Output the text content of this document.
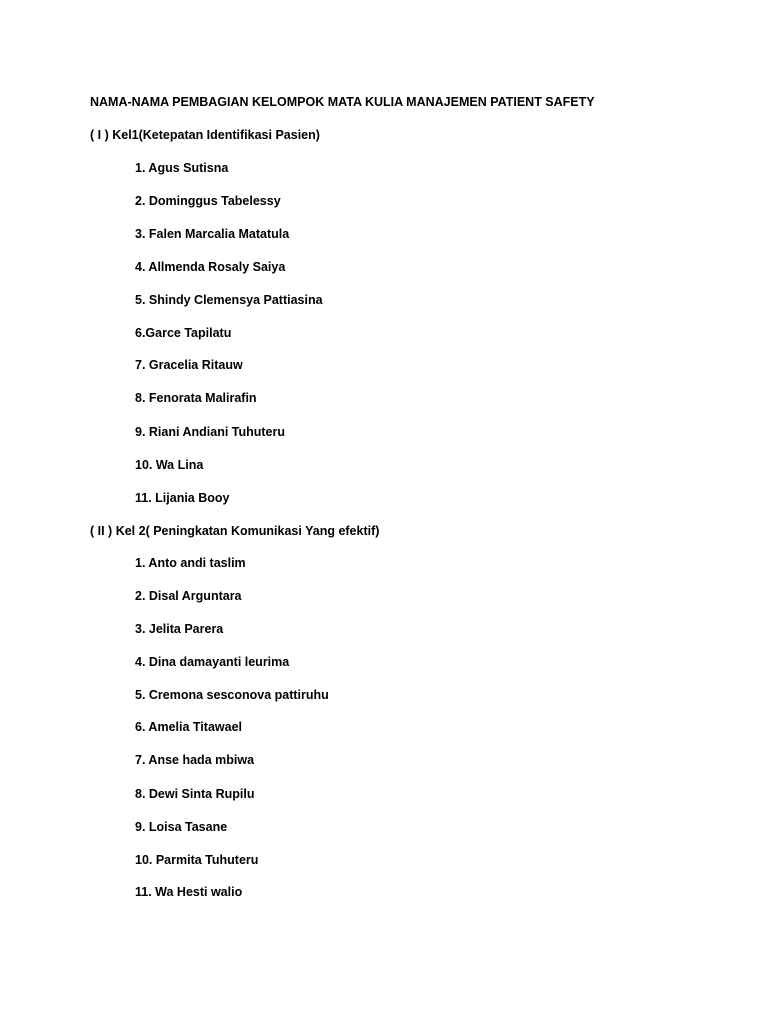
NAMA-NAMA PEMBAGIAN KELOMPOK MATA KULIA MANAJEMEN PATIENT SAFETY
( I ) Kel1(Ketepatan Identifikasi Pasien)
1. Agus Sutisna
2. Dominggus Tabelessy
3. Falen Marcalia Matatula
4. Allmenda Rosaly Saiya
5. Shindy Clemensya Pattiasina
6.Garce Tapilatu
7. Gracelia Ritauw
8. Fenorata Malirafin
9. Riani Andiani Tuhuteru
10. Wa Lina
11. Lijania Booy
( II ) Kel 2( Peningkatan Komunikasi Yang efektif)
1. Anto andi taslim
2. Disal Arguntara
3. Jelita Parera
4. Dina damayanti leurima
5. Cremona sesconova pattiruhu
6. Amelia Titawael
7. Anse hada mbiwa
8. Dewi Sinta Rupilu
9. Loisa Tasane
10. Parmita Tuhuteru
11. Wa Hesti walio
